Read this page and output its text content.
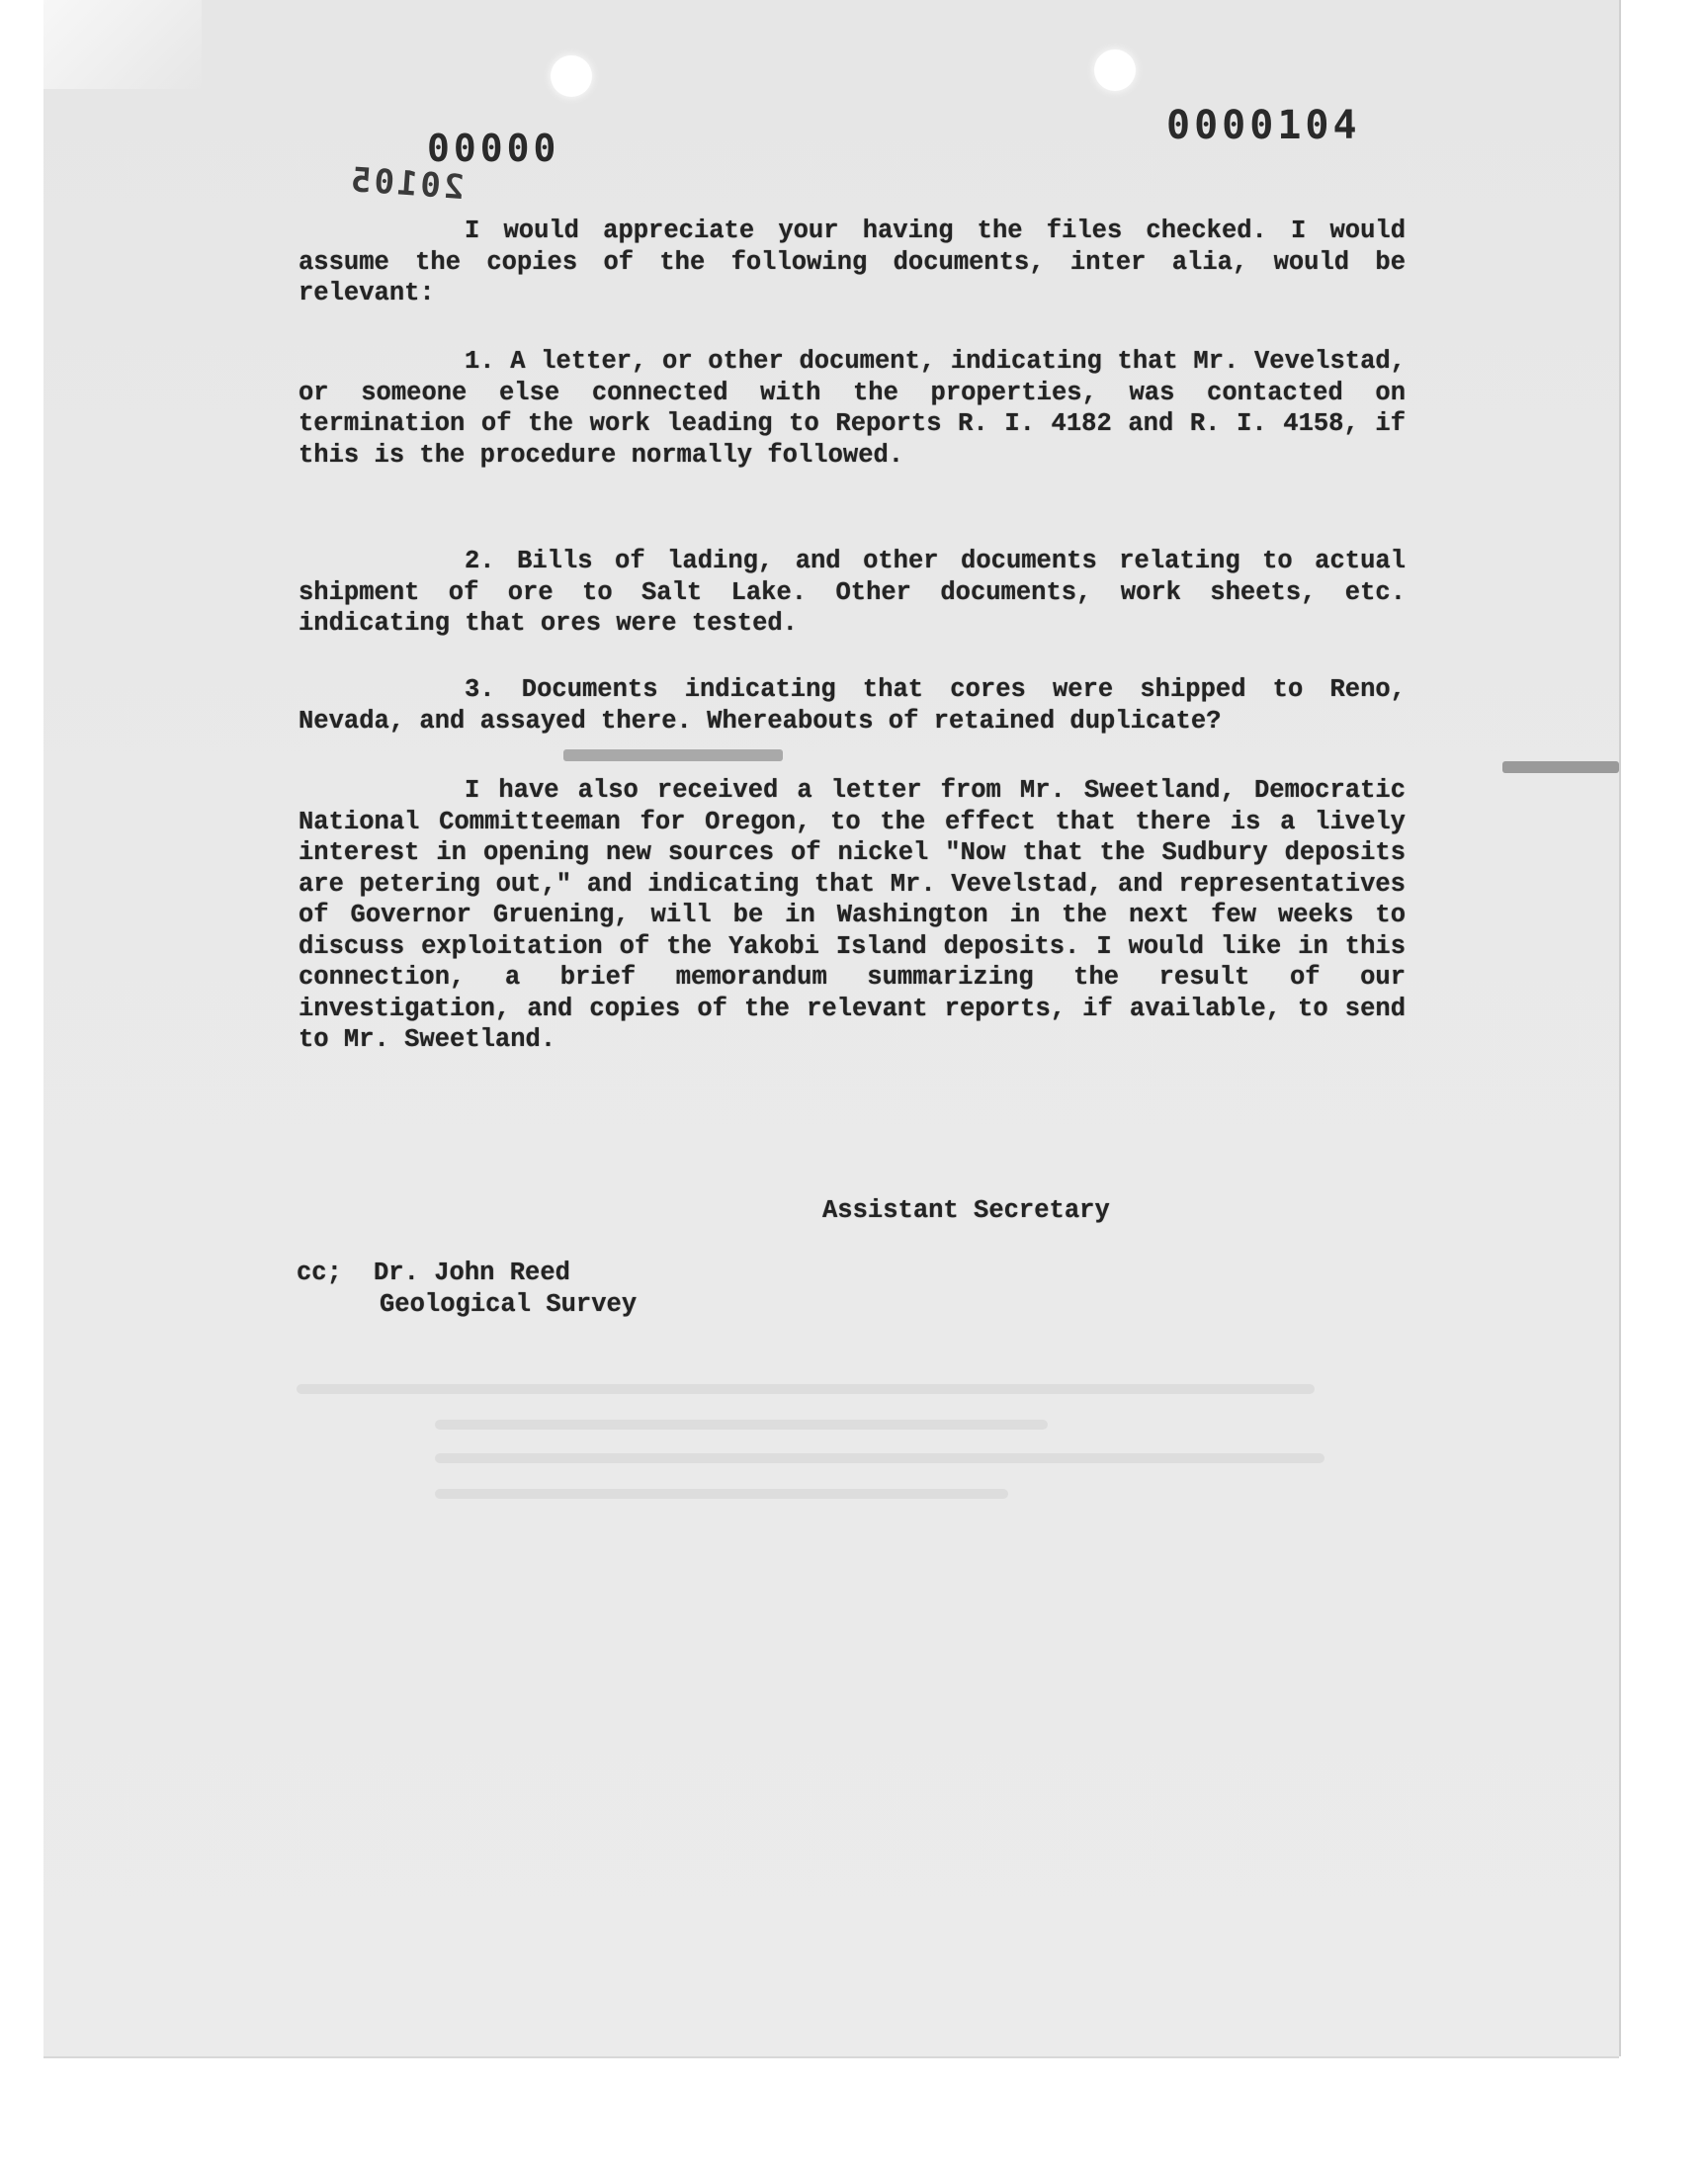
0000104
20105
00000

I would appreciate your having the files checked. I would assume the copies of the following documents, inter alia, would be relevant:

1. A letter, or other document, indicating that Mr. Vevelstad, or someone else connected with the properties, was contacted on termination of the work leading to Reports R. I. 4182 and R. I. 4158, if this is the procedure normally followed.

2. Bills of lading, and other documents relating to actual shipment of ore to Salt Lake. Other documents, work sheets, etc. indicating that ores were tested.

3. Documents indicating that cores were shipped to Reno, Nevada, and assayed there. Whereabouts of retained duplicate?

I have also received a letter from Mr. Sweetland, Democratic National Committeeman for Oregon, to the effect that there is a lively interest in opening new sources of nickel "Now that the Sudbury deposits are petering out," and indicating that Mr. Vevelstad, and representatives of Governor Gruening, will be in Washington in the next few weeks to discuss exploitation of the Yakobi Island deposits. I would like in this connection, a brief memorandum summarizing the result of our investigation, and copies of the relevant reports, if available, to send to Mr. Sweetland.

Assistant Secretary
cc; Dr. John Reed
Geological Survey
